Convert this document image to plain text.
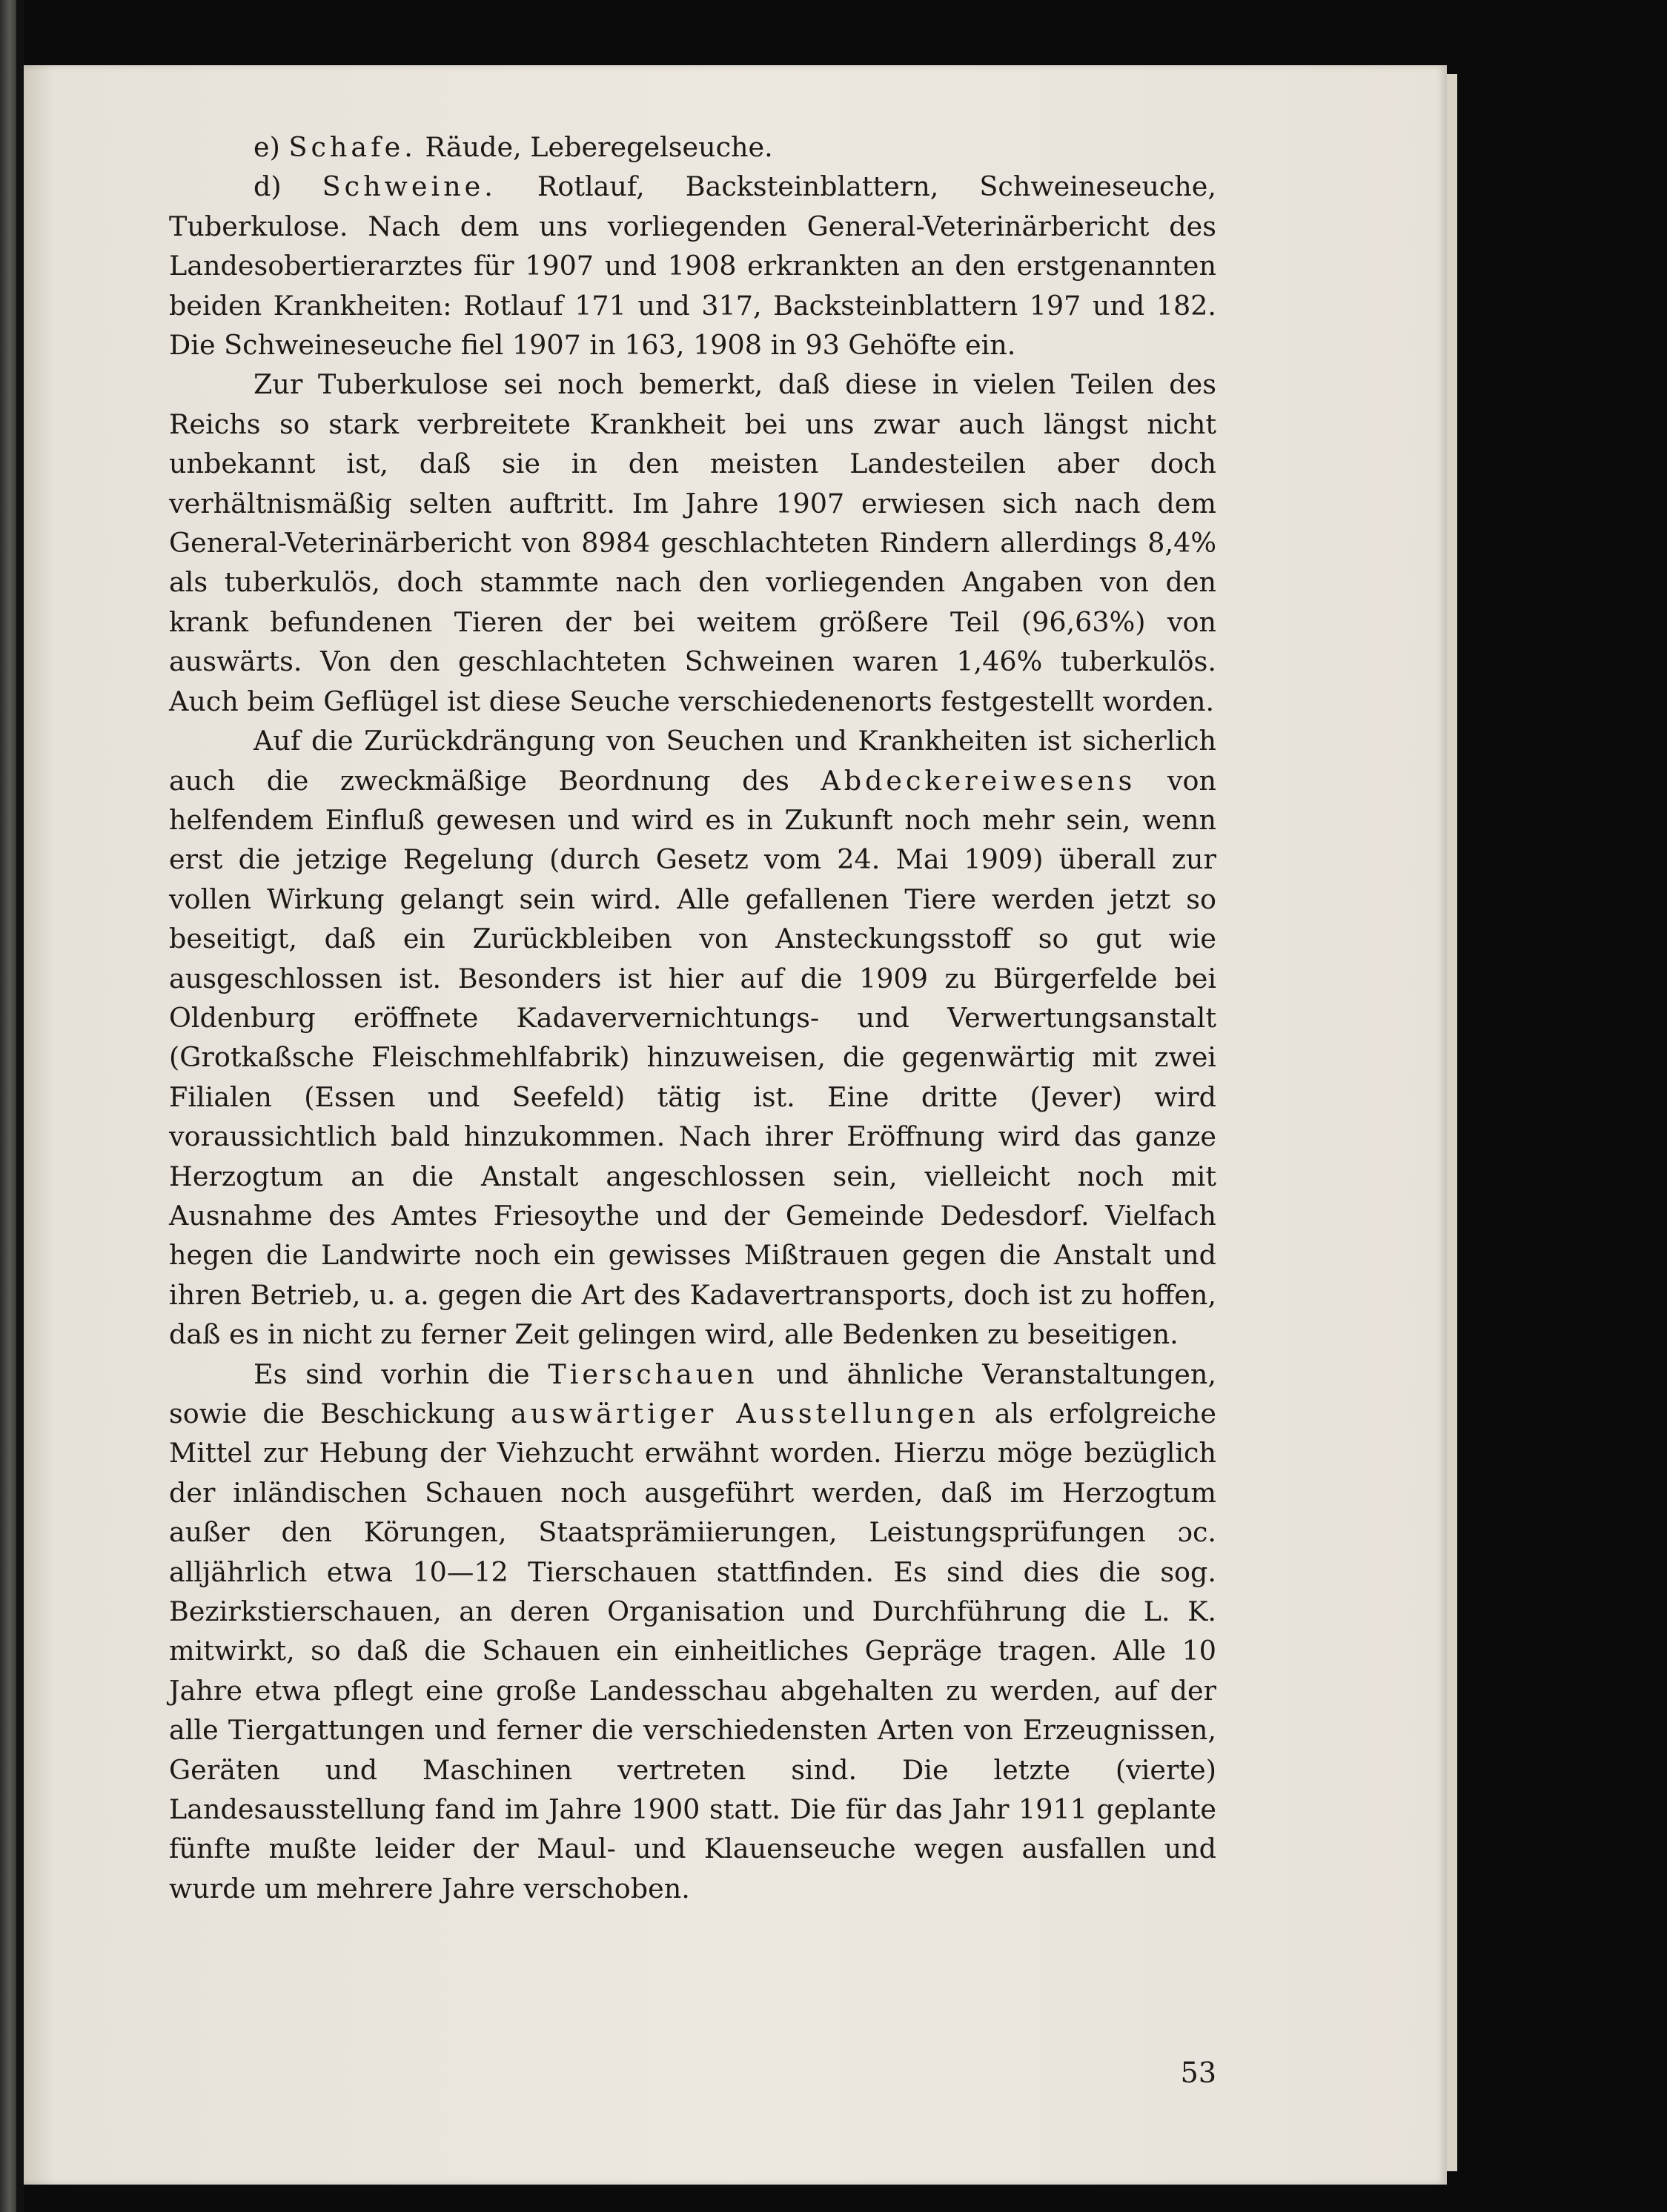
e) Schafe. Räude, Leberegelseuche.

d) Schweine. Rotlauf, Backsteinblattern, Schweineseuche, Tuberkulose. Nach dem uns vorliegenden General-Veterinärbericht des Landesobertierarztes für 1907 und 1908 erkrankten an den erstgenannten beiden Krankheiten: Rotlauf 171 und 317, Backsteinblattern 197 und 182. Die Schweineseuche fiel 1907 in 163, 1908 in 93 Gehöfte ein.

Zur Tuberkulose sei noch bemerkt, daß diese in vielen Teilen des Reichs so stark verbreitete Krankheit bei uns zwar auch längst nicht unbekannt ist, daß sie in den meisten Landesteilen aber doch verhältnismäßig selten auftritt. Im Jahre 1907 erwiesen sich nach dem General-Veterinärbericht von 8984 geschlachteten Rindern allerdings 8,4% als tuberkulös, doch stammte nach den vorliegenden Angaben von den krank befundenen Tieren der bei weitem größere Teil (96,63%) von auswärts. Von den geschlachteten Schweinen waren 1,46% tuberkulös. Auch beim Geflügel ist diese Seuche verschiedenenorts festgestellt worden.

Auf die Zurückdrängung von Seuchen und Krankheiten ist sicherlich auch die zweckmäßige Beordnung des Abdeckereiwesens von helfendem Einfluß gewesen und wird es in Zukunft noch mehr sein, wenn erst die jetzige Regelung (durch Gesetz vom 24. Mai 1909) überall zur vollen Wirkung gelangt sein wird. Alle gefallenen Tiere werden jetzt so beseitigt, daß ein Zurückbleiben von Ansteckungsstoff so gut wie ausgeschlossen ist. Besonders ist hier auf die 1909 zu Bürgerfelde bei Oldenburg eröffnete Kadaververnichtungs- und Verwertungsanstalt (Grotkaßsche Fleischmehlfabrik) hinzuweisen, die gegenwärtig mit zwei Filialen (Essen und Seefeld) tätig ist. Eine dritte (Jever) wird voraussichtlich bald hinzukommen. Nach ihrer Eröffnung wird das ganze Herzogtum an die Anstalt angeschlossen sein, vielleicht noch mit Ausnahme des Amtes Friesoythe und der Gemeinde Dedesdorf. Vielfach hegen die Landwirte noch ein gewisses Mißtrauen gegen die Anstalt und ihren Betrieb, u. a. gegen die Art des Kadavertransports, doch ist zu hoffen, daß es in nicht zu ferner Zeit gelingen wird, alle Bedenken zu beseitigen.

Es sind vorhin die Tierschauen und ähnliche Veranstaltungen, sowie die Beschickung auswärtiger Ausstellungen als erfolgreiche Mittel zur Hebung der Viehzucht erwähnt worden. Hierzu möge bezüglich der inländischen Schauen noch ausgeführt werden, daß im Herzogtum außer den Körungen, Staatsprämiierungen, Leistungsprüfungen ɔc. alljährlich etwa 10—12 Tierschauen stattfinden. Es sind dies die sog. Bezirkstierschauen, an deren Organisation und Durchführung die L. K. mitwirkt, so daß die Schauen ein einheitliches Gepräge tragen. Alle 10 Jahre etwa pflegt eine große Landesschau abgehalten zu werden, auf der alle Tiergattungen und ferner die verschiedensten Arten von Erzeugnissen, Geräten und Maschinen vertreten sind. Die letzte (vierte) Landesausstellung fand im Jahre 1900 statt. Die für das Jahr 1911 geplante fünfte mußte leider der Maul- und Klauenseuche wegen ausfallen und wurde um mehrere Jahre verschoben.

53
